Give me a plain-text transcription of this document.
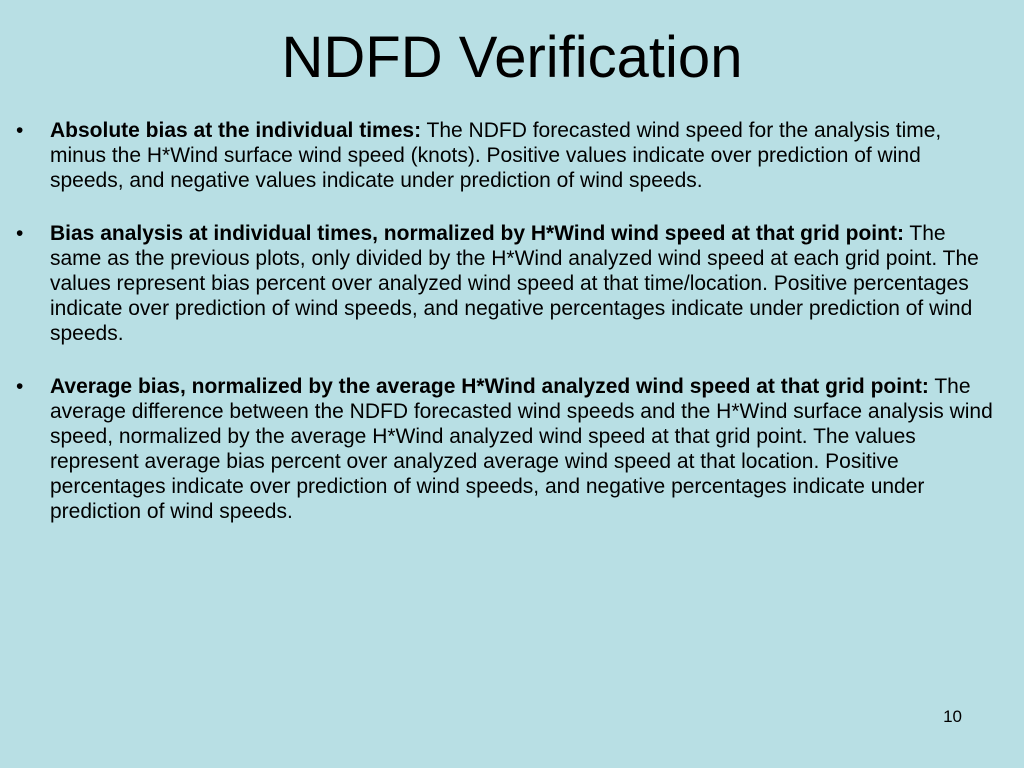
NDFD Verification
•	Absolute bias at the individual times: The NDFD forecasted wind speed for the analysis time, minus the H*Wind surface wind speed (knots). Positive values indicate over prediction of wind speeds, and negative values indicate under prediction of wind speeds.
•	Bias analysis at individual times, normalized by H*Wind wind speed at that grid point: The same as the previous plots, only divided by the H*Wind analyzed wind speed at each grid point. The values represent bias percent over analyzed wind speed at that time/location. Positive percentages indicate over prediction of wind speeds, and negative percentages indicate under prediction of wind speeds.
•	Average bias, normalized by the average H*Wind analyzed wind speed at that grid point: The average difference between the NDFD forecasted wind speeds and the H*Wind surface analysis wind speed, normalized by the average H*Wind analyzed wind speed at that grid point. The values represent average bias percent over analyzed average wind speed at that location. Positive percentages indicate over prediction of wind speeds, and negative percentages indicate under prediction of wind speeds.
10
